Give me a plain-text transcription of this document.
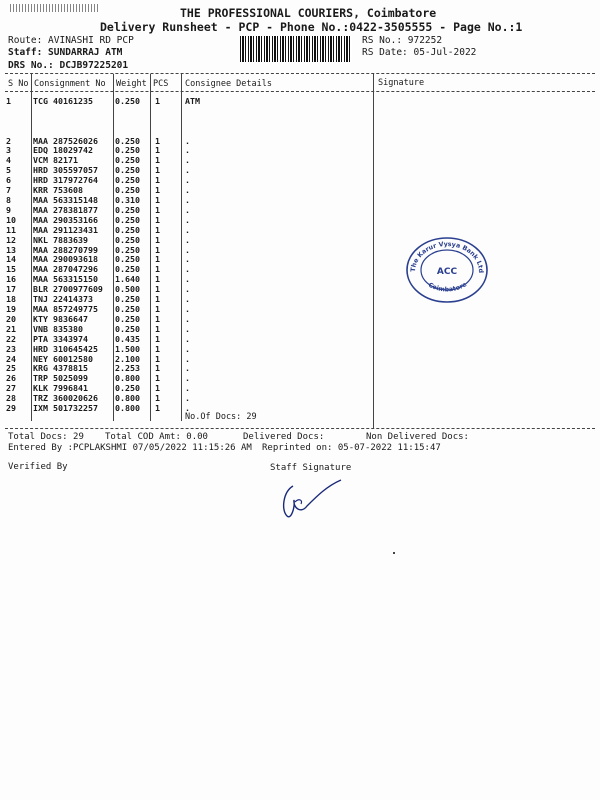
THE PROFESSIONAL COURIERS, Coimbatore
Delivery Runsheet - PCP - Phone No.:0422-3505555 - Page No.:1
Route: AVINASHI RD PCP
Staff: SUNDARRAJ ATM
DRS No.: DCJB97225201
RS No.: 972252
RS Date: 05-Jul-2022
S No Consignment No Weight PCS Consignee Details	Signature
1	TCG 40161235	0.250	1	ATM

2	MAA 287526026	0.250	1	.
3	EDQ 18029742	0.250	1	.
4	VCM 82171	0.250	1	.
5	HRD 305597057	0.250	1	.
6	HRD 317972764	0.250	1	.
7	KRR 753608	0.250	1	.
8	MAA 563315148	0.310	1	.
9	MAA 278381877	0.250	1	.
10	MAA 290353166	0.250	1	.
11	MAA 291123431	0.250	1	.
12	NKL 7883639	0.250	1	.
13	MAA 288270799	0.250	1	.
14	MAA 290093618	0.250	1	.
15	MAA 287047296	0.250	1	.
16	MAA 563315150	1.640	1	.
17	BLR 2700977609	0.500	1	.
18	TNJ 22414373	0.250	1	.
19	MAA 857249775	0.250	1	.
20	KTY 9836647	0.250	1	.
21	VNB 835380	0.250	1	.
22	PTA 3343974	0.435	1	.
23	HRD 310645425	1.500	1	.
24	NEY 60012580	2.100	1	.
25	KRG 4378815	2.253	1	.
26	TRP 5025099	0.800	1	.
27	KLK 7996841	0.250	1	.
28	TRZ 360020626	0.800	1	.
29	IXM 501732257	0.800	1	.
No.Of Docs: 29
Total Docs: 29 Total COD Amt: 0.00	Delivered Docs:	Non Delivered Docs:
Entered By :PCPLAKSHMI 07/05/2022 11:15:26 AM Reprinted on: 05-07-2022 11:15:47
Verified By	Staff Signature
The Karur Vysya Bank Ltd
Coimbatore
ACC
